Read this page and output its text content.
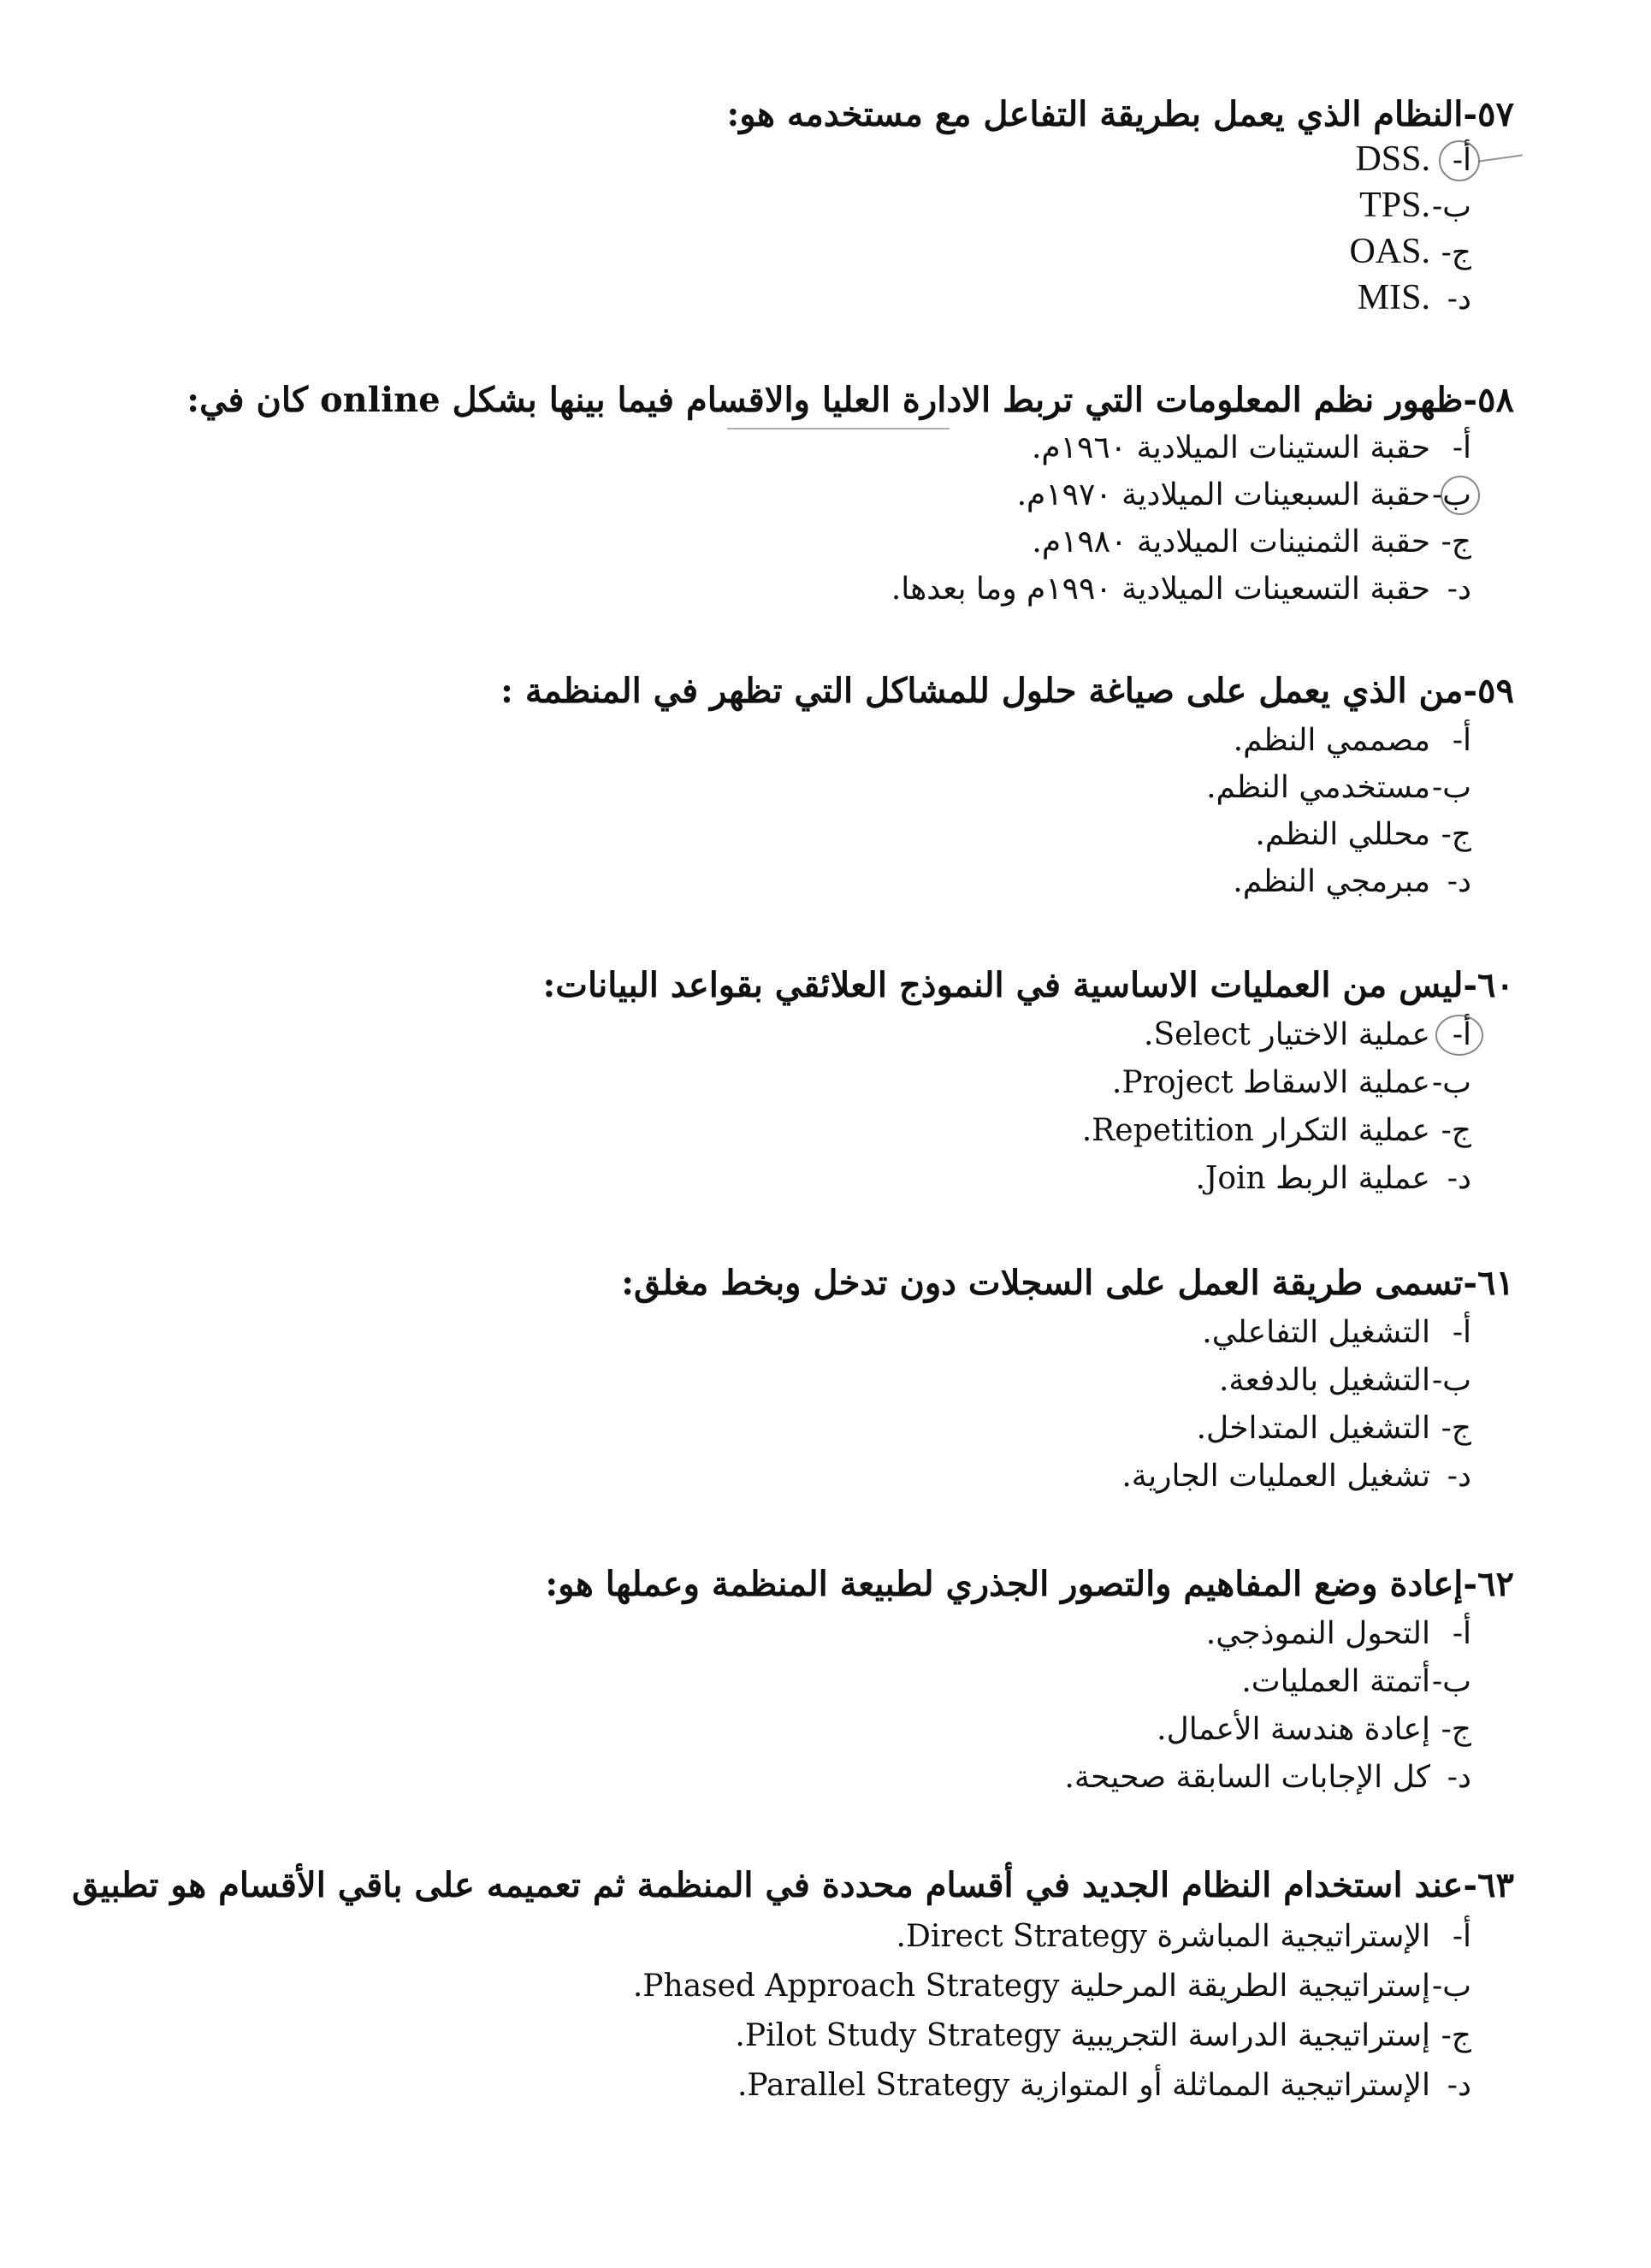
٥٧-النظام الذي يعمل بطريقة التفاعل مع مستخدمه هو:
أ-.DSS
ب-.TPS
ج-.OAS
د-.MIS
٥٨-ظهور نظم المعلومات التي تربط الادارة العليا والاقسام فيما بينها بشكل online كان في:
أ-حقبة الستينات الميلادية ١٩٦٠م.
ب-حقبة السبعينات الميلادية ١٩٧٠م.
ج-حقبة الثمنينات الميلادية ١٩٨٠م.
د-حقبة التسعينات الميلادية ١٩٩٠م وما بعدها.
٥٩-من الذي يعمل على صياغة حلول للمشاكل التي تظهر في المنظمة :
أ-مصممي النظم.
ب-مستخدمي النظم.
ج-محللي النظم.
د-مبرمجي النظم.
٦٠-ليس من العمليات الاساسية في النموذج العلائقي بقواعد البيانات:
أ-عملية الاختيار Select.
ب-عملية الاسقاط Project.
ج-عملية التكرار Repetition.
د-عملية الربط Join.
٦١-تسمى طريقة العمل على السجلات دون تدخل وبخط مغلق:
أ-التشغيل التفاعلي.
ب-التشغيل بالدفعة.
ج-التشغيل المتداخل.
د-تشغيل العمليات الجارية.
٦٢-إعادة وضع المفاهيم والتصور الجذري لطبيعة المنظمة وعملها هو:
أ-التحول النموذجي.
ب-أتمتة العمليات.
ج-إعادة هندسة الأعمال.
د-كل الإجابات السابقة صحيحة.
٦٣-عند استخدام النظام الجديد في أقسام محددة في المنظمة ثم تعميمه على باقي الأقسام هو تطبيق
أ-الإستراتيجية المباشرة Direct Strategy.
ب-إستراتيجية الطريقة المرحلية Phased Approach Strategy.
ج-إستراتيجية الدراسة التجريبية Pilot Study Strategy.
د-الإستراتيجية المماثلة أو المتوازية Parallel Strategy.
